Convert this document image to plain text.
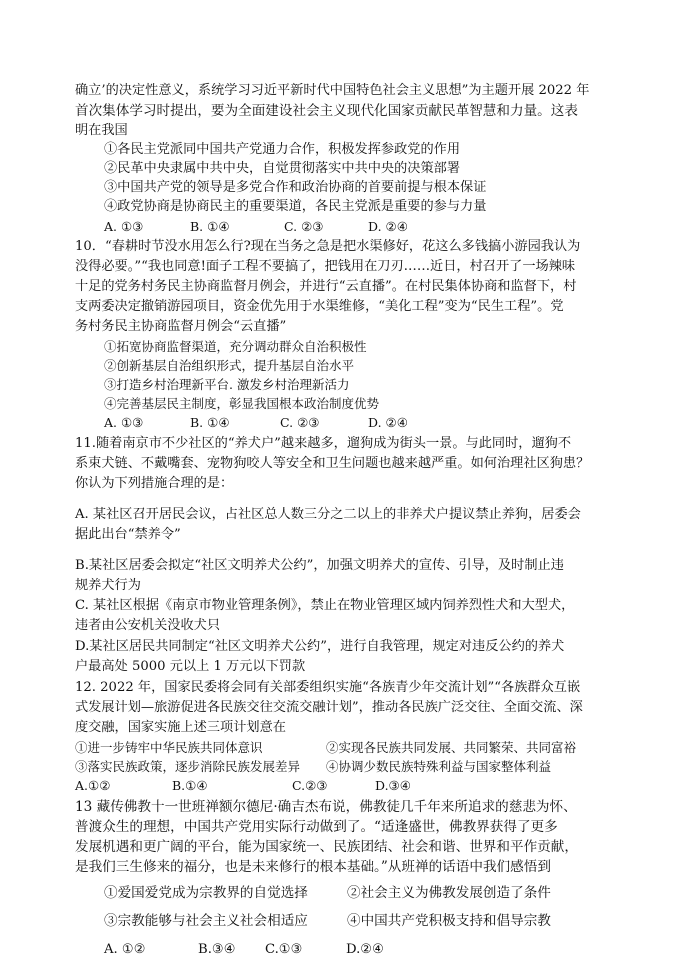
确立’的决定性意义，系统学习习近平新时代中国特色社会主义思想”为主题开展 2022 年
首次集体学习时提出，要为全面建设社会主义现代化国家贡献民革智慧和力量。这表
明在我国
①各民主党派同中国共产党通力合作，积极发挥参政党的作用
②民革中央隶属中共中央，自觉贯彻落实中共中央的决策部署
③中国共产党的领导是多党合作和政治协商的首要前提与根本保证
④政党协商是协商民主的重要渠道，各民主党派是重要的参与力量
A. ①③	B. ①④	C. ②③	D. ②④
10．“春耕时节没水用怎么行?现在当务之急是把水渠修好，花这么多钱搞小游园我认为
没得必要。”“我也同意!面子工程不要搞了，把钱用在刀刃……近日，村召开了一场辣味
十足的党务村务民主协商监督月例会，并进行“云直播”。在村民集体协商和监督下，村
支两委决定撤销游园项目，资金优先用于水渠维修，“美化工程”变为“民生工程”。党
务村务民主协商监督月例会“云直播”
①拓宽协商监督渠道，充分调动群众自治积极性
②创新基层自治组织形式，提升基层自治水平
③打造乡村治理新平台. 激发乡村治理新活力
④完善基层民主制度，彰显我国根本政治制度优势
A. ①③	B. ①④	C. ②③	D. ②④
11.随着南京市不少社区的“养犬户”越来越多，遛狗成为街头一景。与此同时，遛狗不
系束犬链、不戴嘴套、宠物狗咬人等安全和卫生问题也越来越严重。如何治理社区狗患？
你认为下列措施合理的是：
A. 某社区召开居民会议，占社区总人数三分之二以上的非养犬户提议禁止养狗，居委会
据此出台“禁养令”
B.某社区居委会拟定“社区文明养犬公约”，加强文明养犬的宣传、引导，及时制止违
规养犬行为
C. 某社区根据《南京市物业管理条例》，禁止在物业管理区域内饲养烈性犬和大型犬，
违者由公安机关没收犬只
D.某社区居民共同制定“社区文明养犬公约”，进行自我管理，规定对违反公约的养犬
户最高处 5000 元以上 1 万元以下罚款
12. 2022 年，国家民委将会同有关部委组织实施“各族青少年交流计划”“各族群众互嵌
式发展计划—旅游促进各民族交往交流交融计划”，推动各民族广泛交往、全面交流、深
度交融，国家实施上述三项计划意在
①进一步铸牢中华民族共同体意识	②实现各民族共同发展、共同繁荣、共同富裕
③落实民族政策，逐步消除民族发展差异 ④协调少数民族特殊利益与国家整体利益
A.①②	B.①④	C.②③	D.③④
13 藏传佛教十一世班禅额尔德尼·确吉杰布说，佛教徒几千年来所追求的慈悲为怀、
普渡众生的理想，中国共产党用实际行动做到了。“适逢盛世，佛教界获得了更多
发展机遇和更广阔的平台，能为国家统一、民族团结、社会和谐、世界和平作贡献，
是我们三生修来的福分，也是未来修行的根本基础。”从班禅的话语中我们感悟到
①爱国爱党成为宗教界的自觉选择	②社会主义为佛教发展创造了条件
③宗教能够与社会主义社会相适应	④中国共产党积极支持和倡导宗教
A. ①②	B.③④ C.①③	D.②④
